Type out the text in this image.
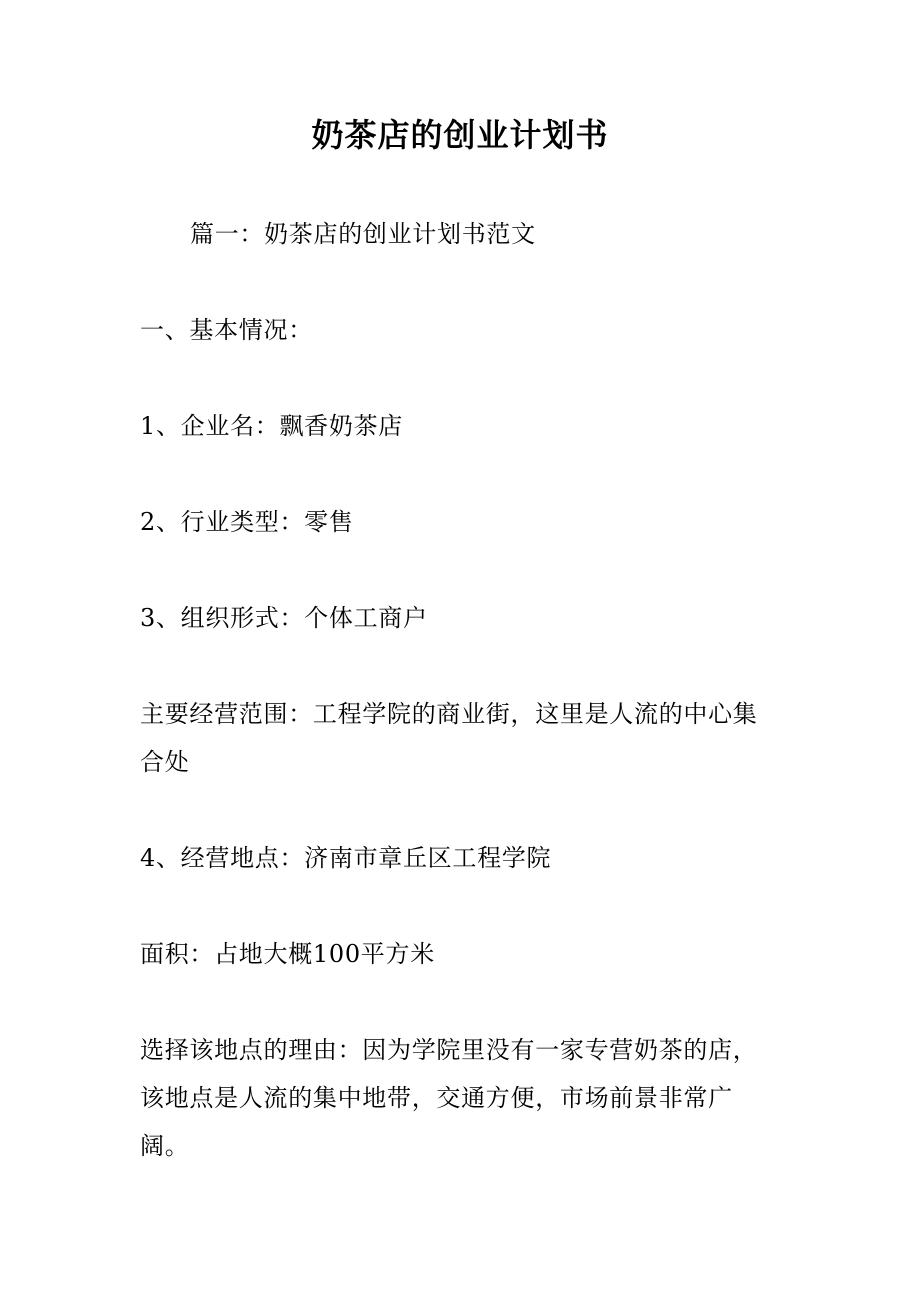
奶茶店的创业计划书
篇一：奶茶店的创业计划书范文
一、基本情况：
1、企业名：飘香奶茶店
2、行业类型：零售
3、组织形式：个体工商户
主要经营范围：工程学院的商业街，这里是人流的中心集合处
4、经营地点：济南市章丘区工程学院
面积：占地大概100平方米
选择该地点的理由：因为学院里没有一家专营奶茶的店，该地点是人流的集中地带，交通方便，市场前景非常广阔。
